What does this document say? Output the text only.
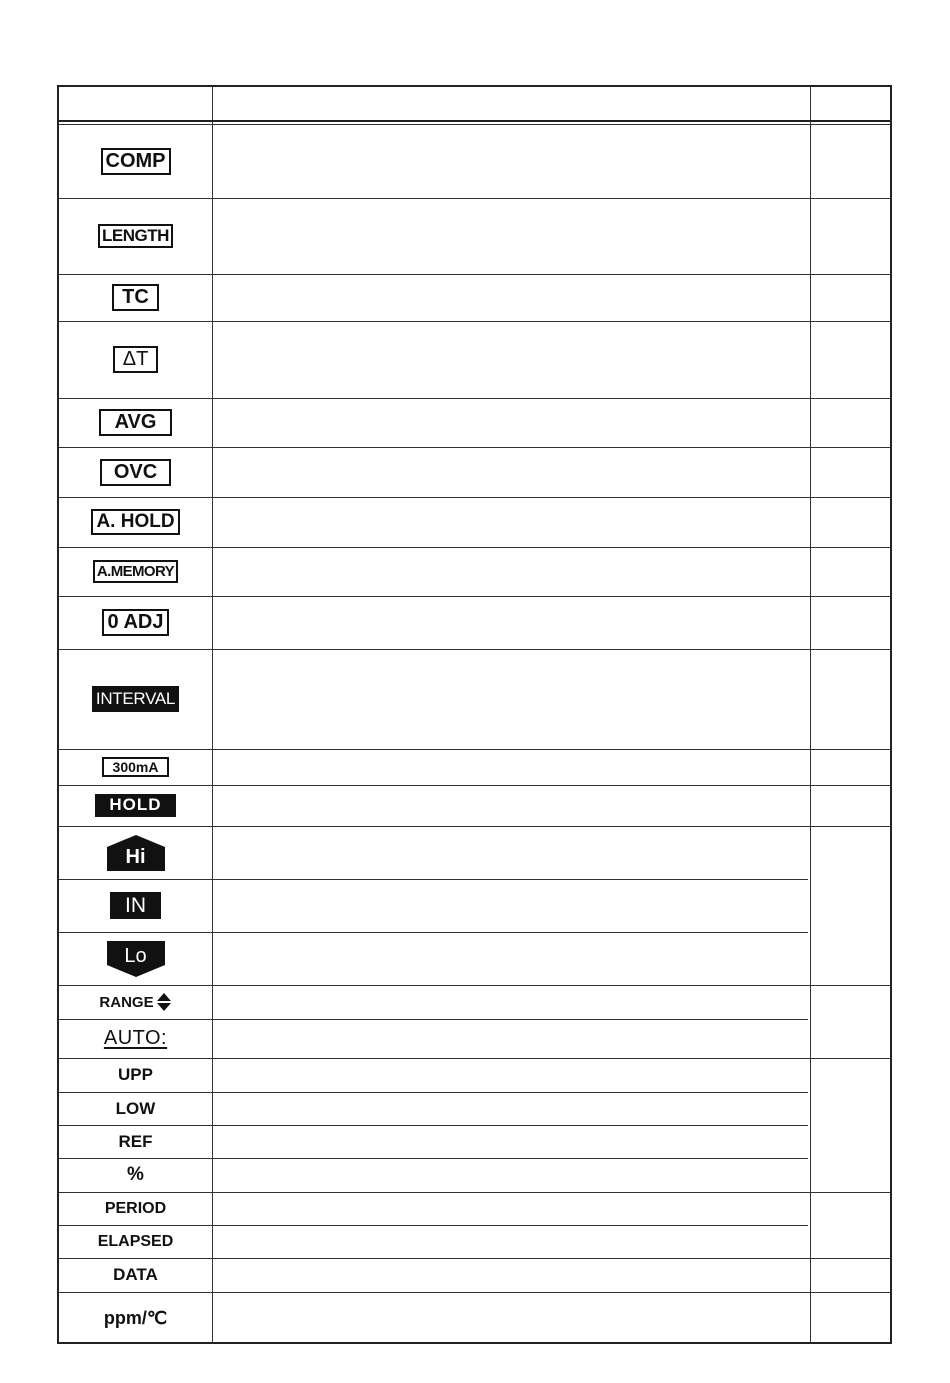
COMP
LENGTH
TC
ΔT
AVG
OVC
A. HOLD
A.MEMORY
0 ADJ
INTERVAL
300mA
HOLD
Hi
IN
Lo
RANGE
AUTO:
UPP
LOW
REF
%
PERIOD
ELAPSED
DATA
ppm/℃
